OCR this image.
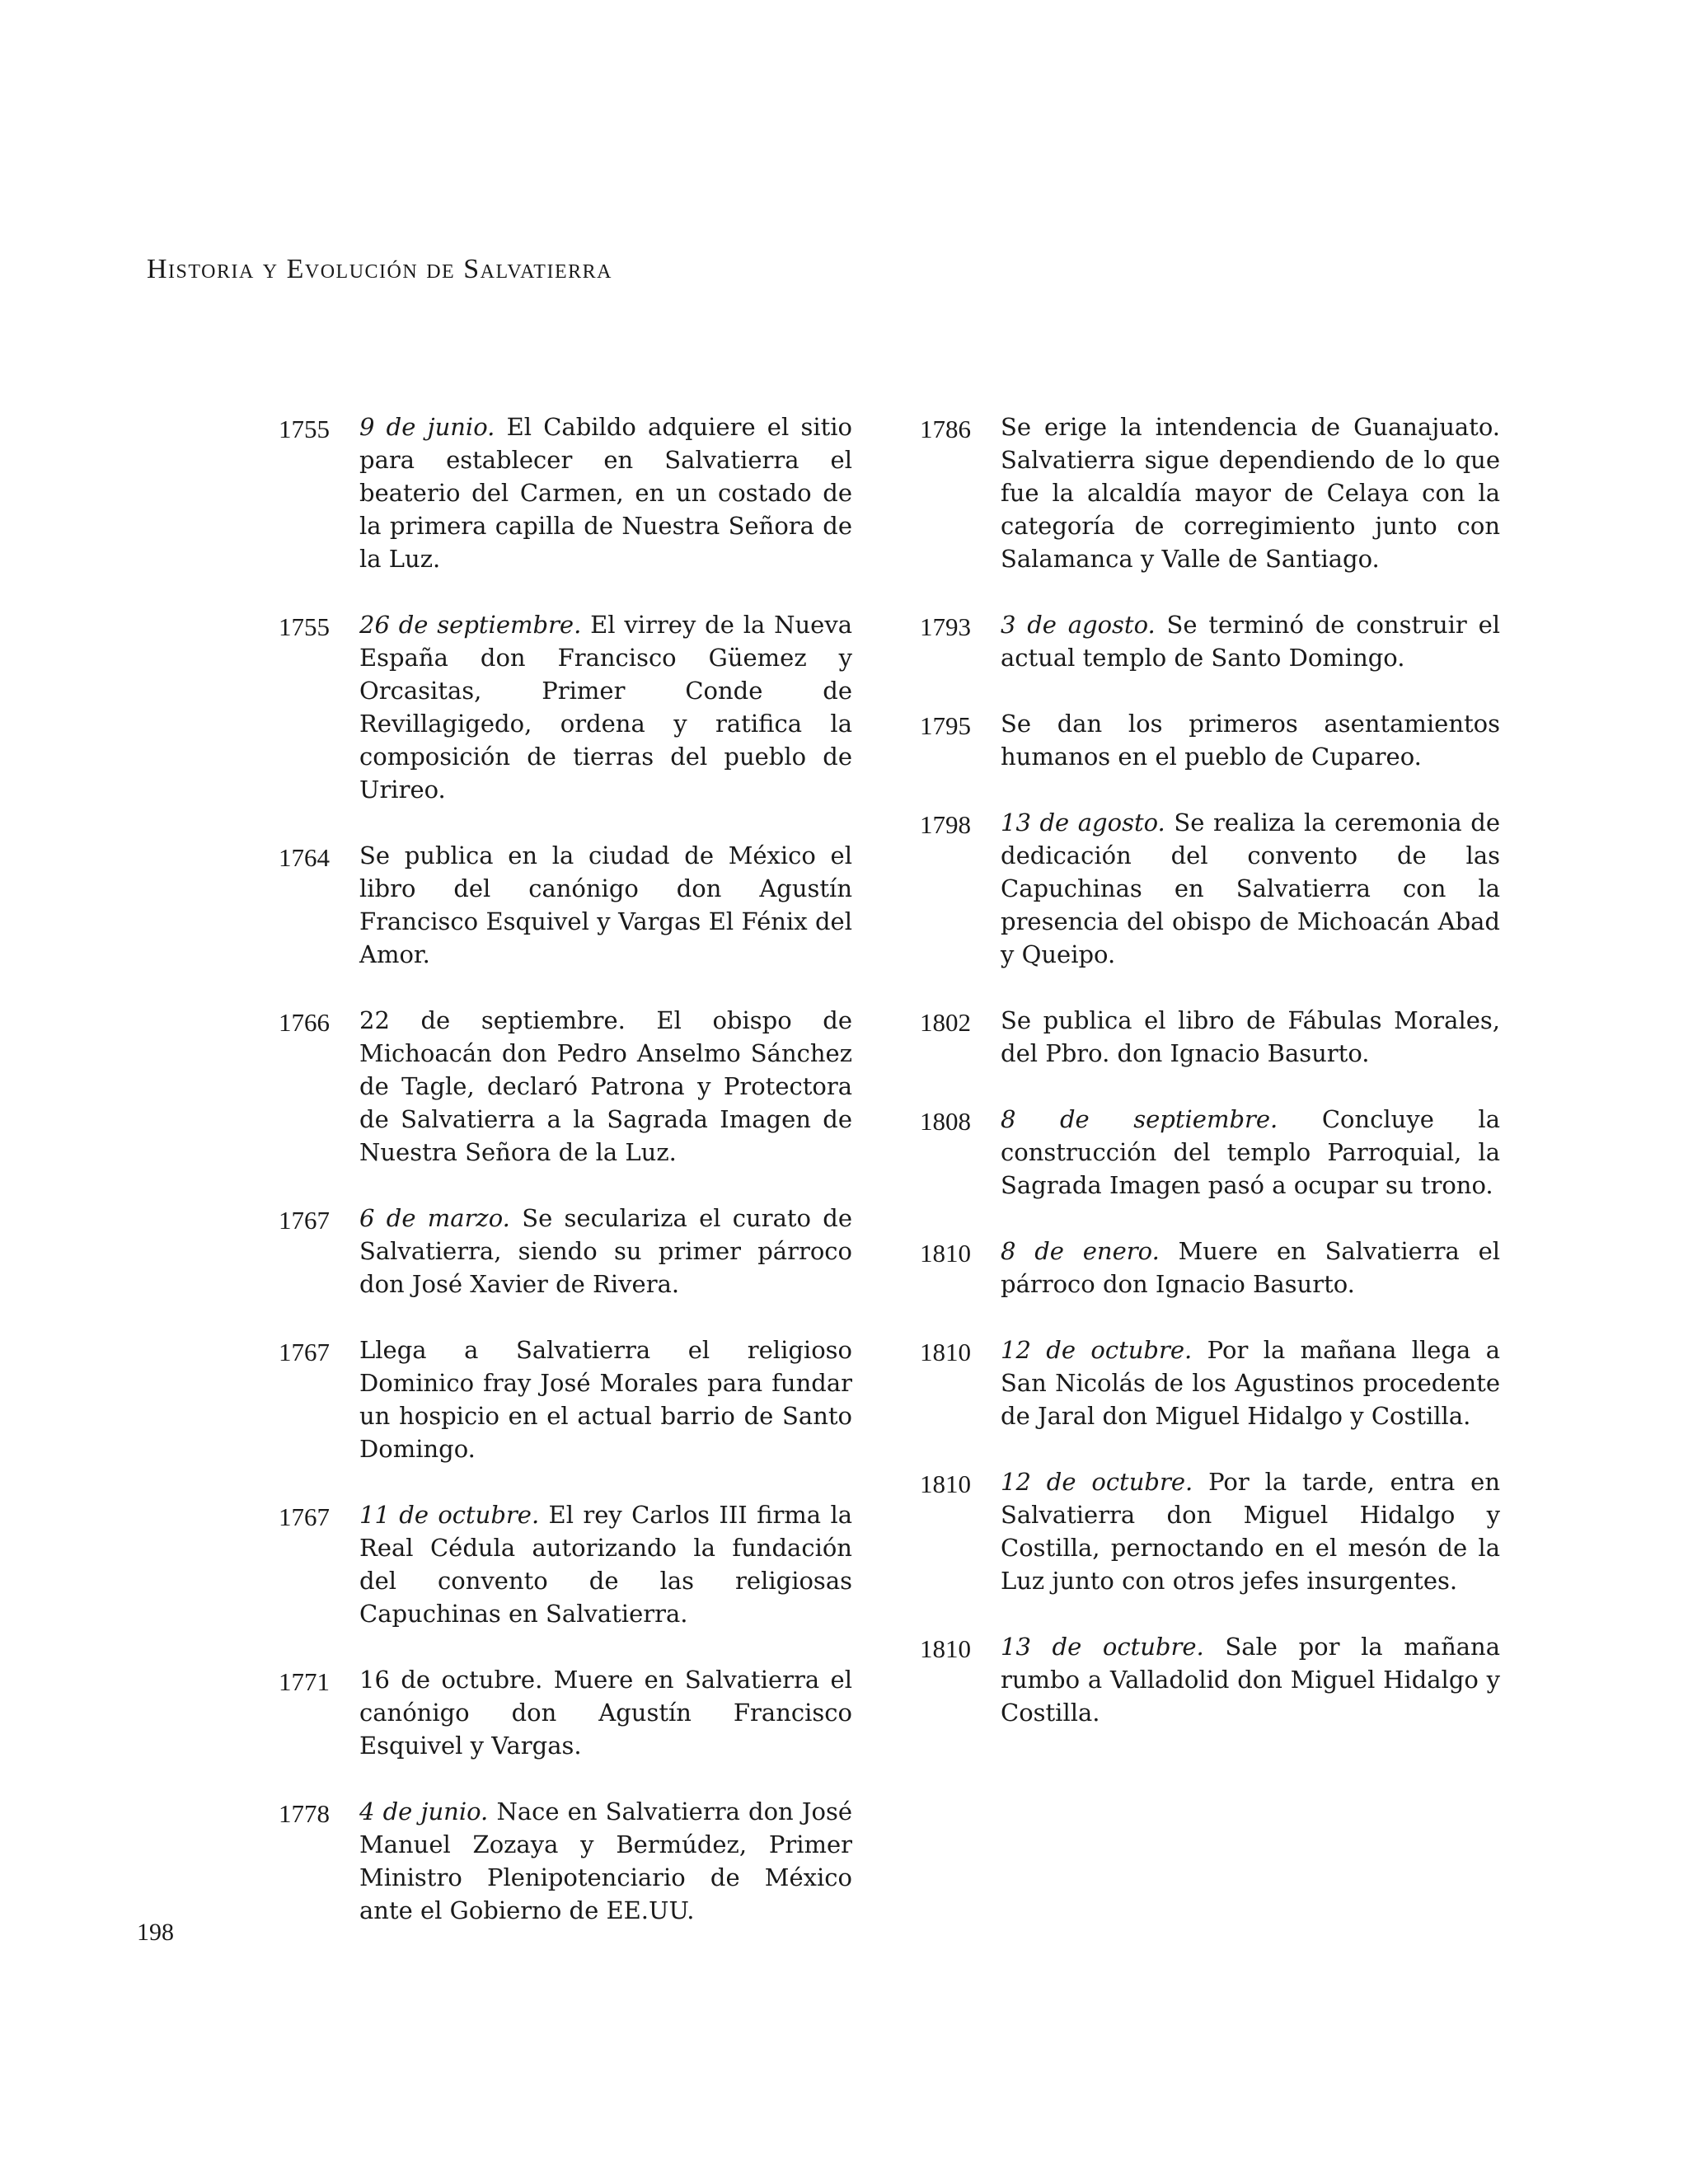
Historia y Evolución de Salvatierra
1755	9 de junio. El Cabildo adquiere el sitio para establecer en Salvatierra el beaterio del Carmen, en un costado de la primera capilla de Nuestra Señora de la Luz.
1755	26 de septiembre. El virrey de la Nueva España don Francisco Güemez y Orcasitas, Primer Conde de Revillagigedo, ordena y ratifica la composición de tierras del pueblo de Urireo.
1764	Se publica en la ciudad de México el libro del canónigo don Agustín Francisco Esquivel y Vargas El Fénix del Amor.
1766	22 de septiembre. El obispo de Michoacán don Pedro Anselmo Sánchez de Tagle, declaró Patrona y Protectora de Salvatierra a la Sagrada Imagen de Nuestra Señora de la Luz.
1767	6 de marzo. Se seculariza el curato de Salvatierra, siendo su primer párroco don José Xavier de Rivera.
1767	Llega a Salvatierra el religioso Dominico fray José Morales para fundar un hospicio en el actual barrio de Santo Domingo.
1767	11 de octubre. El rey Carlos III firma la Real Cédula autorizando la fundación del convento de las religiosas Capuchinas en Salvatierra.
1771	16 de octubre. Muere en Salvatierra el canónigo don Agustín Francisco Esquivel y Vargas.
1778	4 de junio. Nace en Salvatierra don José Manuel Zozaya y Bermúdez, Primer Ministro Plenipotenciario de México ante el Gobierno de EE.UU.
1786	Se erige la intendencia de Guanajuato. Salvatierra sigue dependiendo de lo que fue la alcaldía mayor de Celaya con la categoría de corregimiento junto con Salamanca y Valle de Santiago.
1793	3 de agosto. Se terminó de construir el actual templo de Santo Domingo.
1795	Se dan los primeros asentamientos humanos en el pueblo de Cupareo.
1798	13 de agosto. Se realiza la ceremonia de dedicación del convento de las Capuchinas en Salvatierra con la presencia del obispo de Michoacán Abad y Queipo.
1802	Se publica el libro de Fábulas Morales, del Pbro. don Ignacio Basurto.
1808	8 de septiembre. Concluye la construcción del templo Parroquial, la Sagrada Imagen pasó a ocupar su trono.
1810	8 de enero. Muere en Salvatierra el párroco don Ignacio Basurto.
1810	12 de octubre. Por la mañana llega a San Nicolás de los Agustinos procedente de Jaral don Miguel Hidalgo y Costilla.
1810	12 de octubre. Por la tarde, entra en Salvatierra don Miguel Hidalgo y Costilla, pernoctando en el mesón de la Luz junto con otros jefes insurgentes.
1810	13 de octubre. Sale por la mañana rumbo a Valladolid don Miguel Hidalgo y Costilla.
198
